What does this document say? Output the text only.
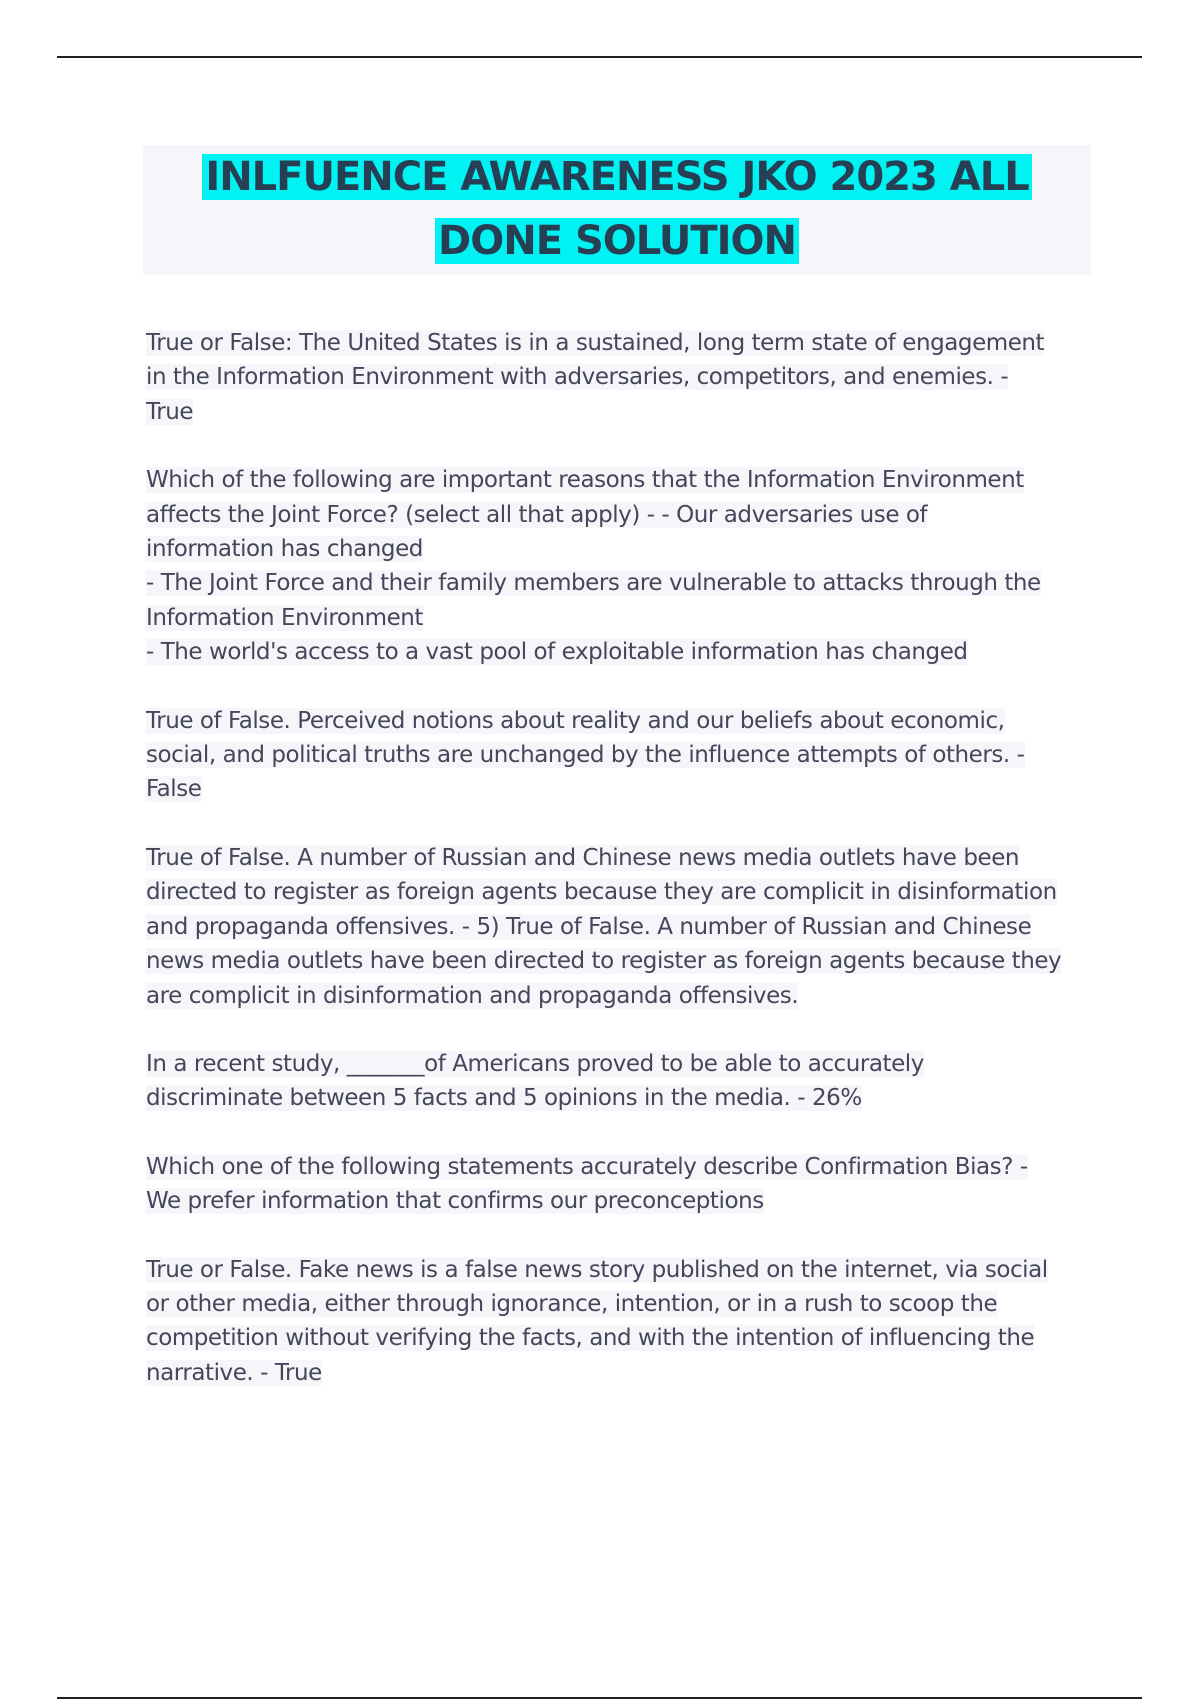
INLFUENCE AWARENESS JKO 2023 ALL
DONE SOLUTION

True or False: The United States is in a sustained, long term state of engagement
in the Information Environment with adversaries, competitors, and enemies. -
True

Which of the following are important reasons that the Information Environment
affects the Joint Force? (select all that apply) - - Our adversaries use of
information has changed
- The Joint Force and their family members are vulnerable to attacks through the
Information Environment
- The world's access to a vast pool of exploitable information has changed

True of False. Perceived notions about reality and our beliefs about economic,
social, and political truths are unchanged by the influence attempts of others. -
False

True of False. A number of Russian and Chinese news media outlets have been
directed to register as foreign agents because they are complicit in disinformation
and propaganda offensives. - 5) True of False. A number of Russian and Chinese
news media outlets have been directed to register as foreign agents because they
are complicit in disinformation and propaganda offensives.

In a recent study, _______of Americans proved to be able to accurately
discriminate between 5 facts and 5 opinions in the media. - 26%

Which one of the following statements accurately describe Confirmation Bias? -
We prefer information that confirms our preconceptions

True or False. Fake news is a false news story published on the internet, via social
or other media, either through ignorance, intention, or in a rush to scoop the
competition without verifying the facts, and with the intention of influencing the
narrative. - True
